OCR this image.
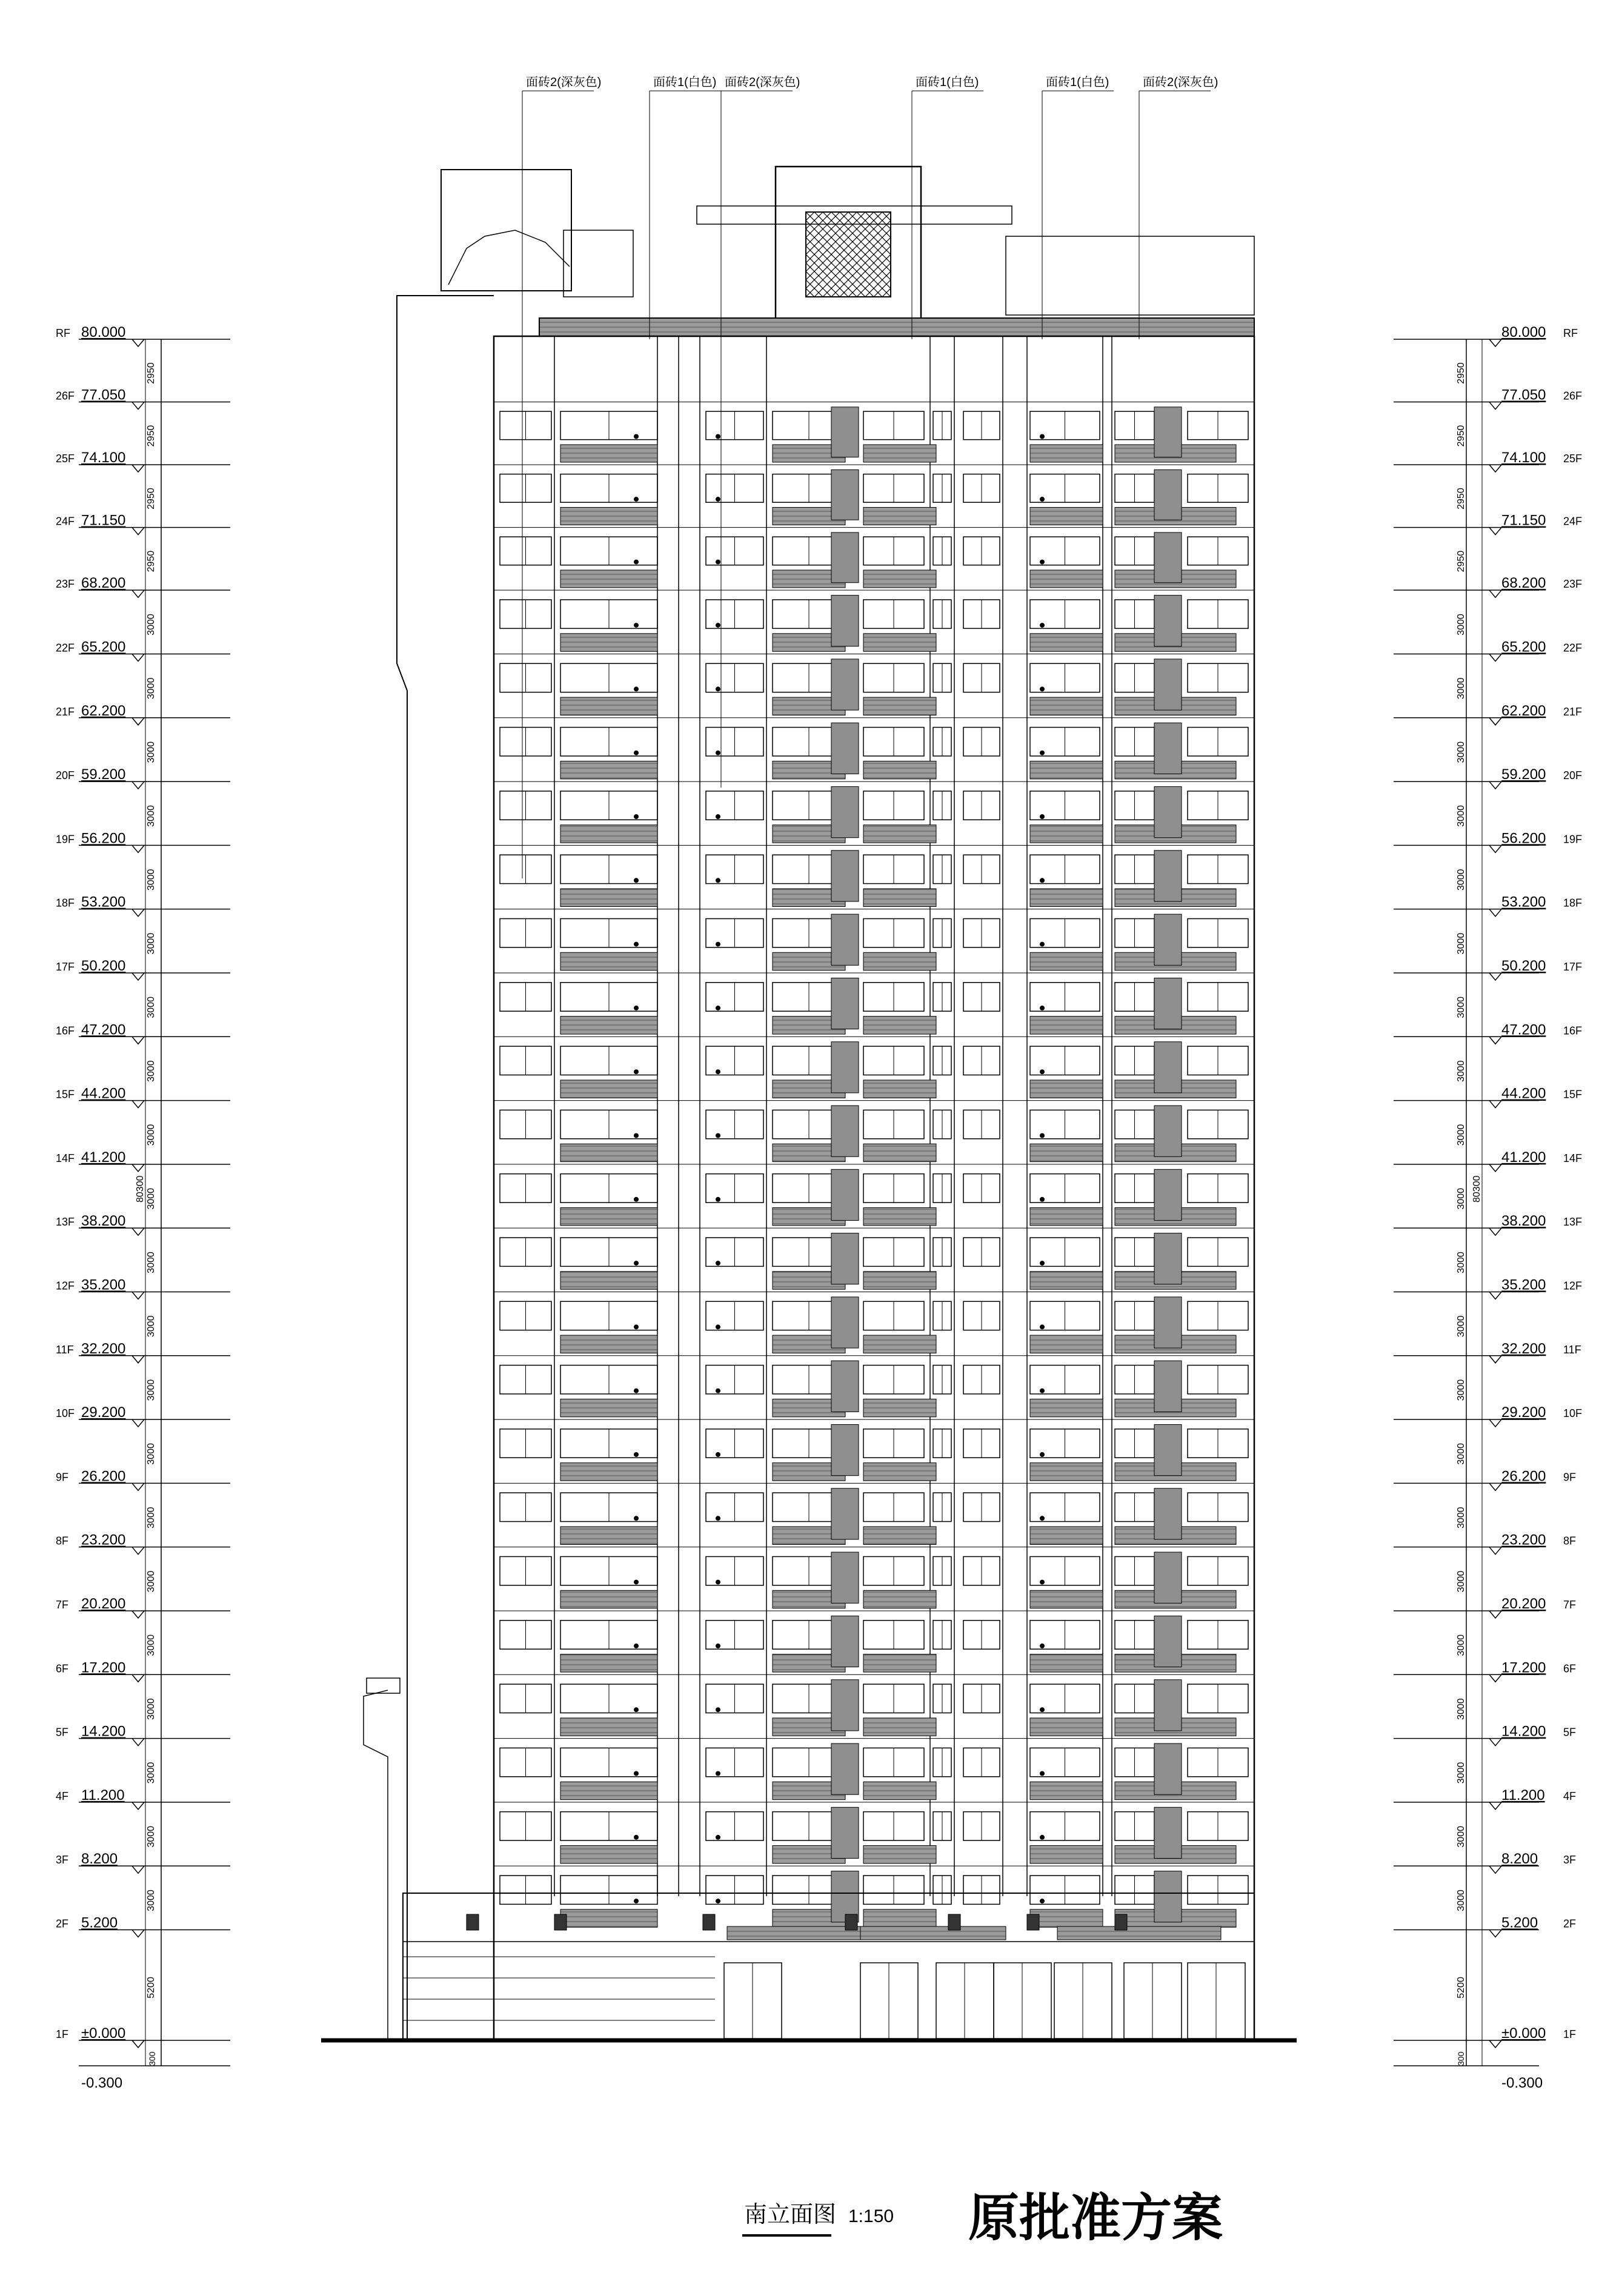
RF 80.000
2950
26F 77.050
2950
25F 74.100
2950
24F 71.150
2950
23F 68.200
3000
22F 65.200
3000
21F 62.200
3000
20F 59.200
3000
19F 56.200
3000
18F 53.200
3000
17F 50.200
3000
16F 47.200
3000
15F 44.200
3000
14F 41.200
3000
13F 38.200
3000
12F 35.200
3000
11F 32.200
3000
10F 29.200
3000
9F 26.200
3000
8F 23.200
3000
7F 20.200
3000
6F 17.200
3000
5F 14.200
3000
4F 11.200
3000
3F 8.200
3000
2F 5.200
5200
1F ±0.000
80300
-0.300
300
80.000 RF
2950
77.050 26F
2950
74.100 25F
2950
71.150 24F
2950
68.200 23F
3000
65.200 22F
3000
62.200 21F
3000
59.200 20F
3000
56.200 19F
3000
53.200 18F
3000
50.200 17F
3000
47.200 16F
3000
44.200 15F
3000
41.200 14F
3000
38.200 13F
3000
35.200 12F
3000
32.200 11F
3000
29.200 10F
3000
26.200 9F
3000
23.200 8F
3000
20.200 7F
3000
17.200 6F
3000
14.200 5F
3000
11.200 4F
3000
8.200 3F
3000
5.200 2F
5200
±0.000 1F
80300
-0.300
300
面砖2(深灰色)	面砖1(白色) 面砖2(深灰色)	面砖1(白色)	面砖1(白色)	面砖2(深灰色)
南立面图 1:150 原批准方案
